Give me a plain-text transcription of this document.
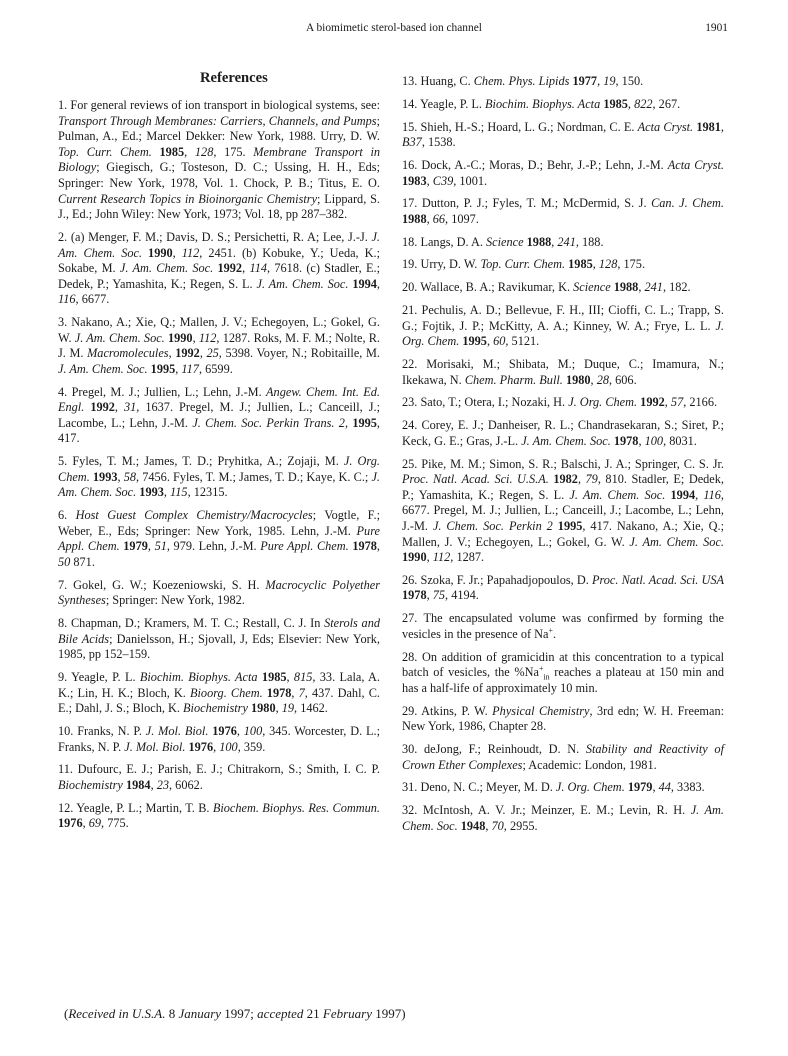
A biomimetic sterol-based ion channel	1901
References

1. For general reviews of ion transport in biological systems, see: Transport Through Membranes: Carriers, Channels, and Pumps; Pulman, A., Ed.; Marcel Dekker: New York, 1988. Urry, D. W. Top. Curr. Chem. 1985, 128, 175. Membrane Transport in Biology; Giegisch, G.; Tosteson, D. C.; Ussing, H. H., Eds; Springer: New York, 1978, Vol. 1. Chock, P. B.; Titus, E. O. Current Research Topics in Bioinorganic Chemistry; Lippard, S. J., Ed.; John Wiley: New York, 1973; Vol. 18, pp 287–382.

2. (a) Menger, F. M.; Davis, D. S.; Persichetti, R. A; Lee, J.-J. J. Am. Chem. Soc. 1990, 112, 2451. (b) Kobuke, Y.; Ueda, K.; Sokabe, M. J. Am. Chem. Soc. 1992, 114, 7618. (c) Stadler, E.; Dedek, P.; Yamashita, K.; Regen, S. L. J. Am. Chem. Soc. 1994, 116, 6677.

3. Nakano, A.; Xie, Q.; Mallen, J. V.; Echegoyen, L.; Gokel, G. W. J. Am. Chem. Soc. 1990, 112, 1287. Roks, M. F. M.; Nolte, R. J. M. Macromolecules, 1992, 25, 5398. Voyer, N.; Robitaille, M. J. Am. Chem. Soc. 1995, 117, 6599.

4. Pregel, M. J.; Jullien, L.; Lehn, J.-M. Angew. Chem. Int. Ed. Engl. 1992, 31, 1637. Pregel, M. J.; Jullien, L.; Canceill, J.; Lacombe, L.; Lehn, J.-M. J. Chem. Soc. Perkin Trans. 2, 1995, 417.

5. Fyles, T. M.; James, T. D.; Pryhitka, A.; Zojaji, M. J. Org. Chem. 1993, 58, 7456. Fyles, T. M.; James, T. D.; Kaye, K. C.; J. Am. Chem. Soc. 1993, 115, 12315.

6. Host Guest Complex Chemistry/Macrocycles; Vogtle, F.; Weber, E., Eds; Springer: New York, 1985. Lehn, J.-M. Pure Appl. Chem. 1979, 51, 979. Lehn, J.-M. Pure Appl. Chem. 1978, 50 871.

7. Gokel, G. W.; Koezeniowski, S. H. Macrocyclic Polyether Syntheses; Springer: New York, 1982.

8. Chapman, D.; Kramers, M. T. C.; Restall, C. J. In Sterols and Bile Acids; Danielsson, H.; Sjovall, J, Eds; Elsevier: New York, 1985, pp 152–159.

9. Yeagle, P. L. Biochim. Biophys. Acta 1985, 815, 33. Lala, A. K.; Lin, H. K.; Bloch, K. Bioorg. Chem. 1978, 7, 437. Dahl, C. E.; Dahl, J. S.; Bloch, K. Biochemistry 1980, 19, 1462.

10. Franks, N. P. J. Mol. Biol. 1976, 100, 345. Worcester, D. L.; Franks, N. P. J. Mol. Biol. 1976, 100, 359.

11. Dufourc, E. J.; Parish, E. J.; Chitrakorn, S.; Smith, I. C. P. Biochemistry 1984, 23, 6062.

12. Yeagle, P. L.; Martin, T. B. Biochem. Biophys. Res. Commun. 1976, 69, 775.

13. Huang, C. Chem. Phys. Lipids 1977, 19, 150.

14. Yeagle, P. L. Biochim. Biophys. Acta 1985, 822, 267.

15. Shieh, H.-S.; Hoard, L. G.; Nordman, C. E. Acta Cryst. 1981, B37, 1538.

16. Dock, A.-C.; Moras, D.; Behr, J.-P.; Lehn, J.-M. Acta Cryst. 1983, C39, 1001.

17. Dutton, P. J.; Fyles, T. M.; McDermid, S. J. Can. J. Chem. 1988, 66, 1097.

18. Langs, D. A. Science 1988, 241, 188.

19. Urry, D. W. Top. Curr. Chem. 1985, 128, 175.

20. Wallace, B. A.; Ravikumar, K. Science 1988, 241, 182.

21. Pechulis, A. D.; Bellevue, F. H., III; Cioffi, C. L.; Trapp, S. G.; Fojtik, J. P.; McKitty, A. A.; Kinney, W. A.; Frye, L. L. J. Org. Chem. 1995, 60, 5121.

22. Morisaki, M.; Shibata, M.; Duque, C.; Imamura, N.; Ikekawa, N. Chem. Pharm. Bull. 1980, 28, 606.

23. Sato, T.; Otera, I.; Nozaki, H. J. Org. Chem. 1992, 57, 2166.

24. Corey, E. J.; Danheiser, R. L.; Chandrasekaran, S.; Siret, P.; Keck, G. E.; Gras, J.-L. J. Am. Chem. Soc. 1978, 100, 8031.

25. Pike, M. M.; Simon, S. R.; Balschi, J. A.; Springer, C. S. Jr. Proc. Natl. Acad. Sci. U.S.A. 1982, 79, 810. Stadler, E; Dedek, P.; Yamashita, K.; Regen, S. L. J. Am. Chem. Soc. 1994, 116, 6677. Pregel, M. J.; Jullien, L.; Canceill, J.; Lacombe, L.; Lehn, J.-M. J. Chem. Soc. Perkin 2 1995, 417. Nakano, A.; Xie, Q.; Mallen, J. V.; Echegoyen, L.; Gokel, G. W. J. Am. Chem. Soc. 1990, 112, 1287.

26. Szoka, F. Jr.; Papahadjopoulos, D. Proc. Natl. Acad. Sci. USA 1978, 75, 4194.

27. The encapsulated volume was confirmed by forming the vesicles in the presence of Na+.

28. On addition of gramicidin at this concentration to a typical batch of vesicles, the $\%Na^+_{in}$ reaches a plateau at 150 min and has a half-life of approximately 10 min.

29. Atkins, P. W. Physical Chemistry, 3rd edn; W. H. Freeman: New York, 1986, Chapter 28.

30. deJong, F.; Reinhoudt, D. N. Stability and Reactivity of Crown Ether Complexes; Academic: London, 1981.

31. Deno, N. C.; Meyer, M. D. J. Org. Chem. 1979, 44, 3383.

32. McIntosh, A. V. Jr.; Meinzer, E. M.; Levin, R. H. J. Am. Chem. Soc. 1948, 70, 2955.

(Received in U.S.A. 8 January 1997; accepted 21 February 1997)
